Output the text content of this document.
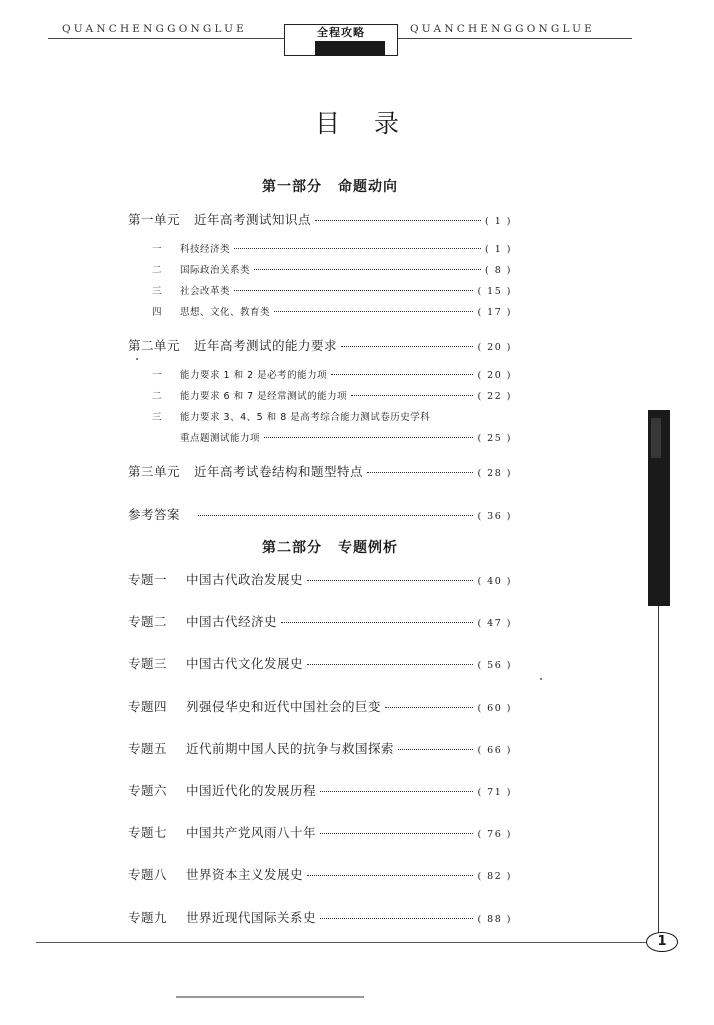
QUANCHENGGONGLUE	QUANCHENGGONGLUE
全程攻略
目录
第一部分 命题动向
第一单元 近年高考测试知识点	( 1 )
一	科技经济类	( 1 )
二	国际政治关系类	( 8 )
三	社会改革类	( 15 )
四	思想、文化、教育类	( 17 )
第二单元 近年高考测试的能力要求	( 20 )
一	能力要求 1 和 2 是必考的能力项	( 20 )
二	能力要求 6 和 7 是经常测试的能力项	( 22 )
三	能力要求 3、4、5 和 8 是高考综合能力测试卷历史学科
重点题测试能力项	( 25 )
第三单元 近年高考试卷结构和题型特点	( 28 )
参考答案	( 36 )
第二部分 专题例析
专题一	中国古代政治发展史	( 40 )
专题二	中国古代经济史	( 47 )
专题三	中国古代文化发展史	( 56 )
专题四	列强侵华史和近代中国社会的巨变	( 60 )
专题五	近代前期中国人民的抗争与救国探索	( 66 )
专题六	中国近代化的发展历程	( 71 )
专题七	中国共产党风雨八十年	( 76 )
专题八	世界资本主义发展史	( 82 )
专题九	世界近现代国际关系史	( 88 )
1
